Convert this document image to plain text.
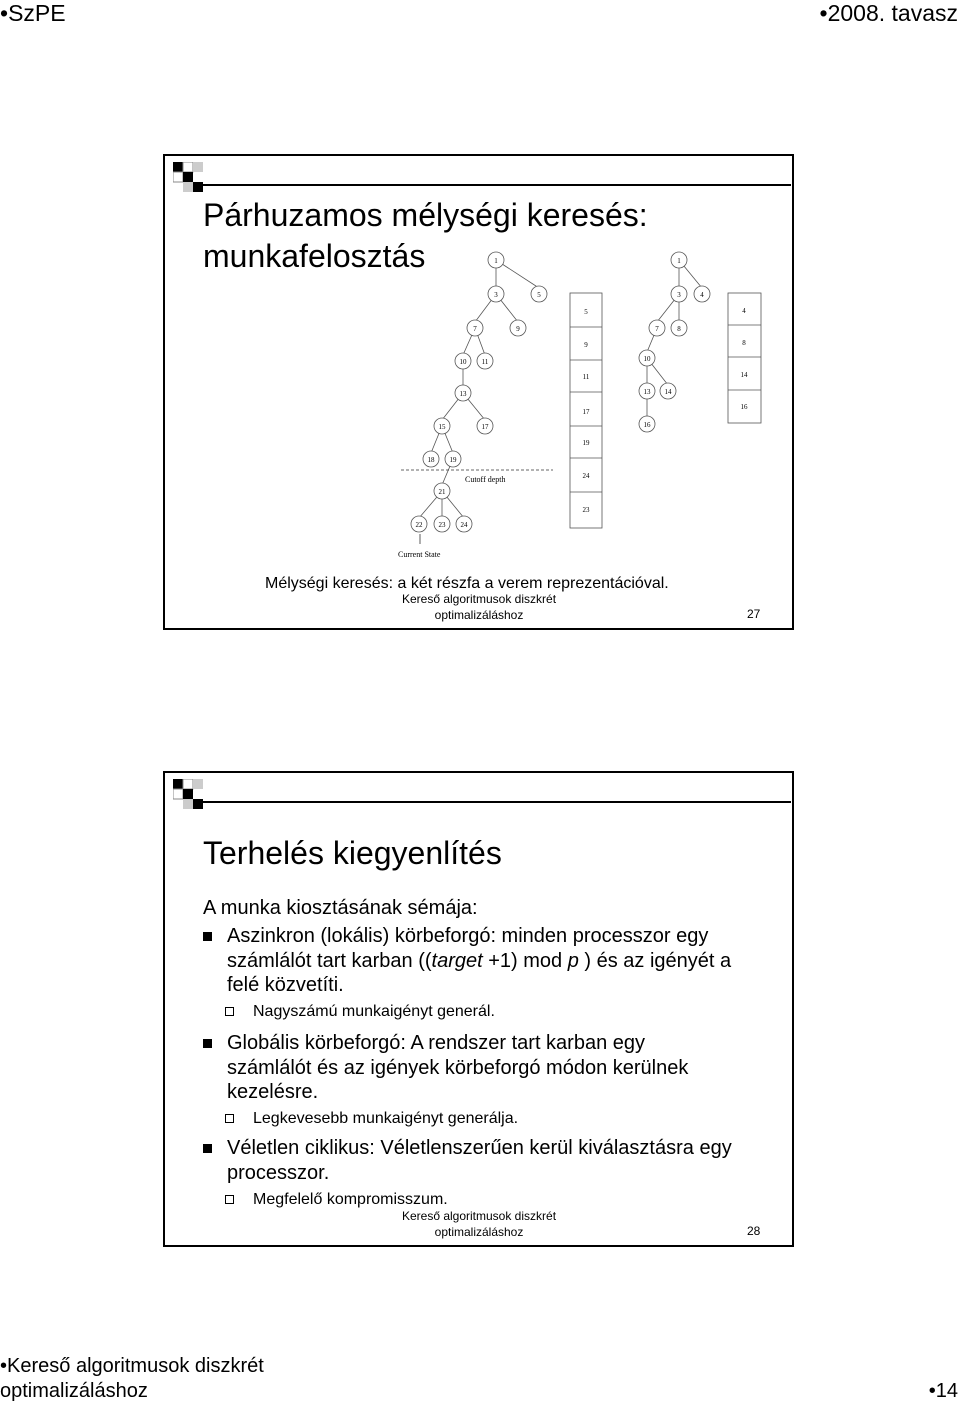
•SzPE	•2008. tavasz
Párhuzamos mélységi keresés:
munkafelosztás	1
3	5
7	9
10 11
13
15	17
18 19
21
22 23 24
1
3	4
7	8
10
13 14
16
Cutoff depth
Current State
5
9
11
17
19
24
23
4
8
14
16
Mélységi keresés: a két részfa a verem reprezentációval.
Kereső algoritmusok diszkrét
optimalizáláshoz	27
Terhelés kiegyenlítés
A munka kiosztásának sémája:
Aszinkron (lokális) körbeforgó: minden processzor egy
számlálót tart karban ((target +1) mod p ) és az igényét a
felé közvetíti.
Nagyszámú munkaigényt generál.
Globális körbeforgó: A rendszer tart karban egy
számlálót és az igények körbeforgó módon kerülnek
kezelésre.
Legkevesebb munkaigényt generálja.
Véletlen ciklikus: Véletlenszerűen kerül kiválasztásra egy
processzor.
Megfelelő kompromisszum.
Kereső algoritmusok diszkrét
optimalizáláshoz	28
•Kereső algoritmusok diszkrét
optimalizáláshoz	•14
